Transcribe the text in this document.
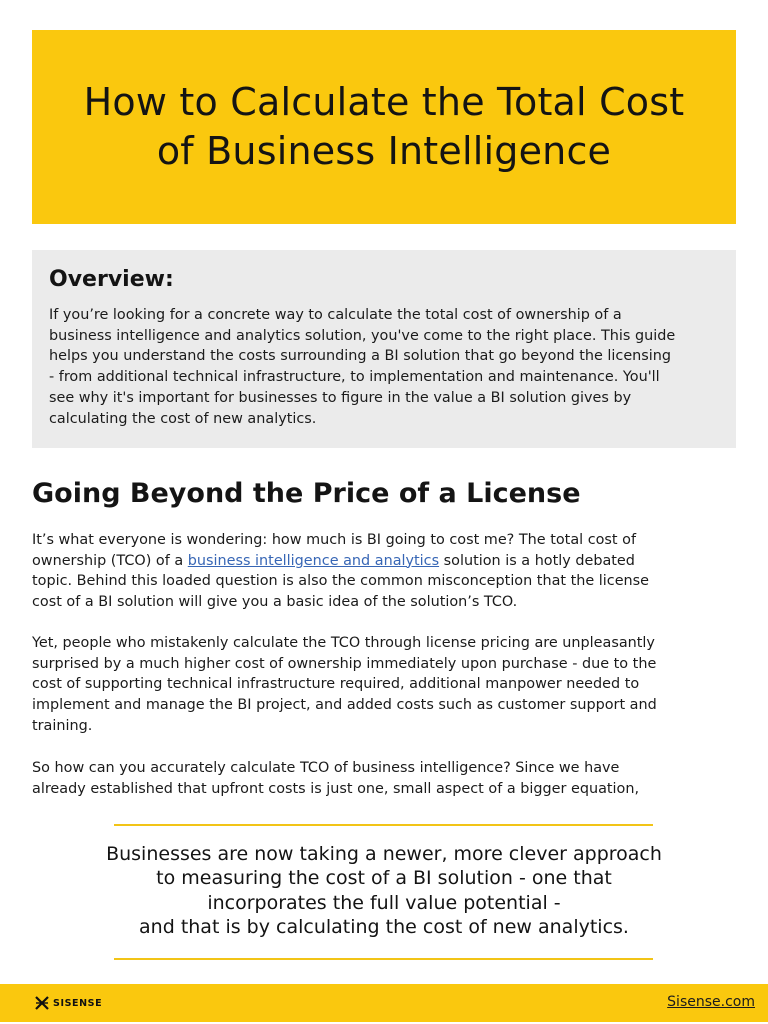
How to Calculate the Total Cost of Business Intelligence
Overview:

If you’re looking for a concrete way to calculate the total cost of ownership of a business intelligence and analytics solution, you've come to the right place. This guide helps you understand the costs surrounding a BI solution that go beyond the licensing - from additional technical infrastructure, to implementation and maintenance. You'll see why it's important for businesses to figure in the value a BI solution gives by calculating the cost of new analytics.

Going Beyond the Price of a License

It’s what everyone is wondering: how much is BI going to cost me? The total cost of ownership (TCO) of a business intelligence and analytics solution is a hotly debated topic. Behind this loaded question is also the common misconception that the license cost of a BI solution will give you a basic idea of the solution’s TCO.

Yet, people who mistakenly calculate the TCO through license pricing are unpleasantly surprised by a much higher cost of ownership immediately upon purchase - due to the cost of supporting technical infrastructure required, additional manpower needed to implement and manage the BI project, and added costs such as customer support and training.

So how can you accurately calculate TCO of business intelligence? Since we have already established that upfront costs is just one, small aspect of a bigger equation,

Businesses are now taking a newer, more clever approach
to measuring the cost of a BI solution - one that
incorporates the full value potential -
and that is by calculating the cost of new analytics.

SISENSE	Sisense.com
